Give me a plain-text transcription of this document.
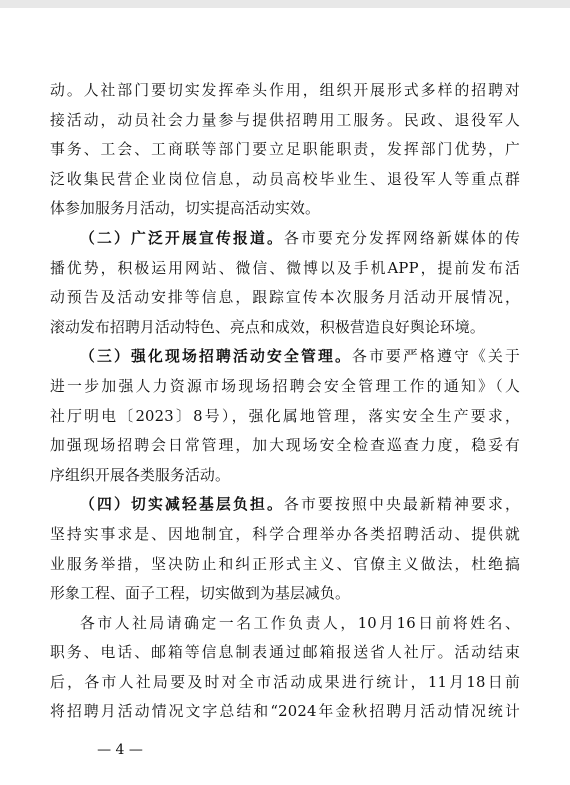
动。人社部门要切实发挥牵头作用，组织开展形式多样的招聘对
接活动，动员社会力量参与提供招聘用工服务。民政、退役军人
事务、工会、工商联等部门要立足职能职责，发挥部门优势，广
泛收集民营企业岗位信息，动员高校毕业生、退役军人等重点群
体参加服务月活动，切实提高活动实效。
（二）广泛开展宣传报道。各市要充分发挥网络新媒体的传
播优势，积极运用网站、微信、微博以及手机APP，提前发布活
动预告及活动安排等信息，跟踪宣传本次服务月活动开展情况，
滚动发布招聘月活动特色、亮点和成效，积极营造良好舆论环境。
（三）强化现场招聘活动安全管理。各市要严格遵守《关于
进一步加强人力资源市场现场招聘会安全管理工作的通知》（人
社厅明电〔2023〕8号），强化属地管理，落实安全生产要求，
加强现场招聘会日常管理，加大现场安全检查巡查力度，稳妥有
序组织开展各类服务活动。
（四）切实减轻基层负担。各市要按照中央最新精神要求，
坚持实事求是、因地制宜，科学合理举办各类招聘活动、提供就
业服务举措，坚决防止和纠正形式主义、官僚主义做法，杜绝搞
形象工程、面子工程，切实做到为基层减负。
各市人社局请确定一名工作负责人，10月16日前将姓名、
职务、电话、邮箱等信息制表通过邮箱报送省人社厅。活动结束
后，各市人社局要及时对全市活动成果进行统计，11月18日前
将招聘月活动情况文字总结和“2024年金秋招聘月活动情况统计
— 4 —
